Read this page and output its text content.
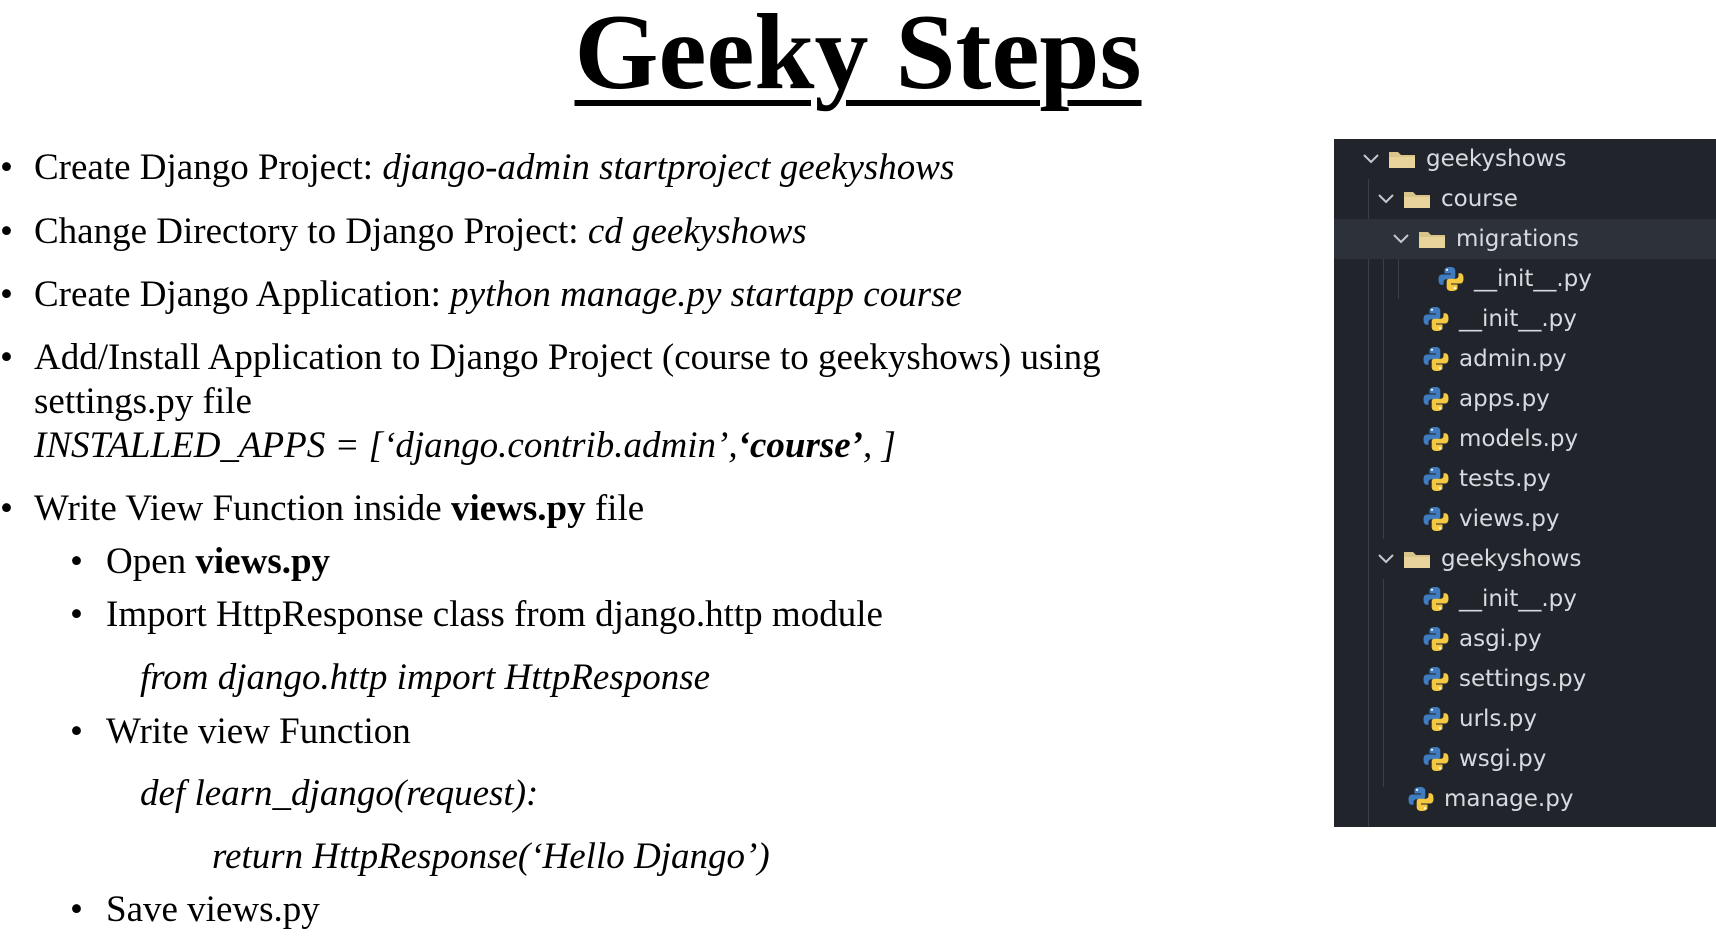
Geeky Steps
• Create Django Project: django-admin startproject geekyshows
• Change Directory to Django Project: cd geekyshows
• Create Django Application: python manage.py startapp course
• Add/Install Application to Django Project (course to geekyshows) using
settings.py file
INSTALLED_APPS = [‘django.contrib.admin’,‘course’, ]
• Write View Function inside views.py file
• Open views.py
• Import HttpResponse class from django.http module
from django.http import HttpResponse
• Write view Function
def learn_django(request):
return HttpResponse(‘Hello Django’)
• Save views.py
geekyshows
course
migrations
__init__.py
__init__.py
admin.py
apps.py
models.py
tests.py
views.py
geekyshows
__init__.py
asgi.py
settings.py
urls.py
wsgi.py
manage.py
